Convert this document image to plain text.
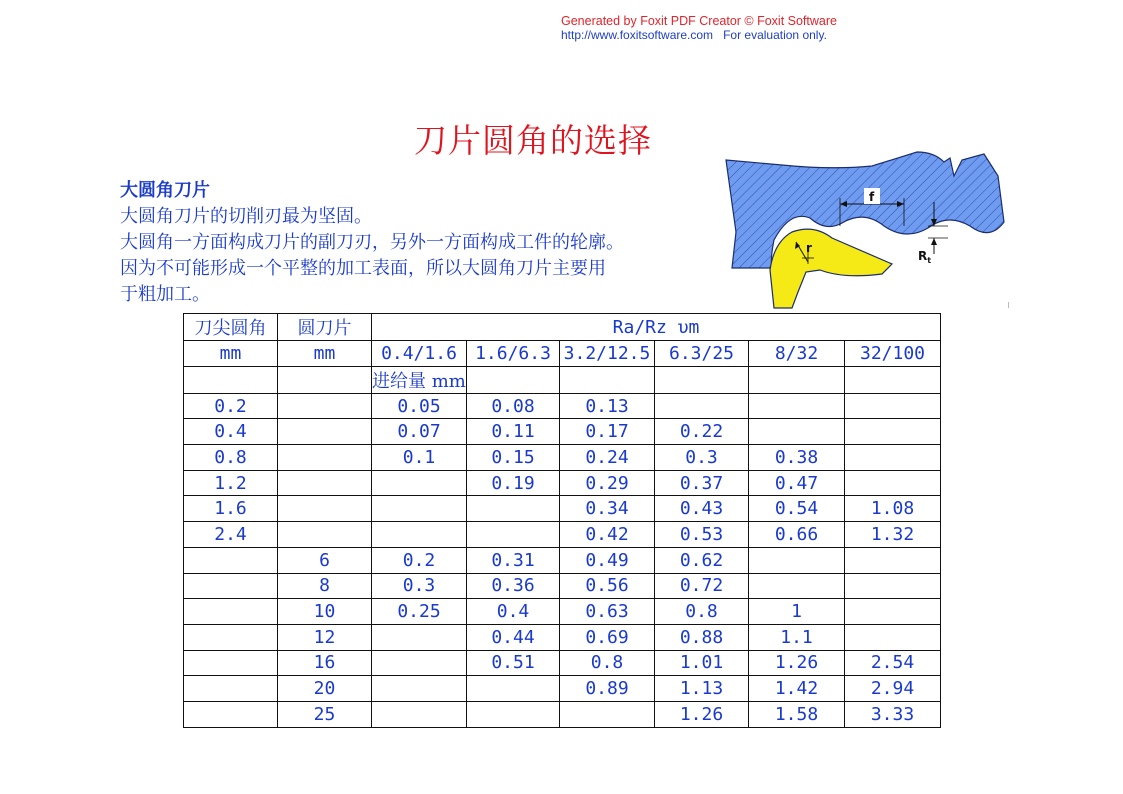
Generated by Foxit PDF Creator © Foxit Software
http://www.foxitsoftware.com For evaluation only.
刀片圆角的选择
大圆角刀片
大圆角刀片的切削刃最为坚固。
大圆角一方面构成刀片的副刀刃，另外一方面构成工件的轮廓。
因为不可能形成一个平整的加工表面，所以大圆角刀片主要用
于粗加工。
r
f
$R_t$
刀尖圆角	圆刀片	Ra/Rz υm					
mm	mm	0.4/1.6	1.6/6.3	3.2/12.5	6.3/25	8/32	32/100
		进给量 mm					
0.2		0.05	0.08	0.13			
0.4		0.07	0.11	0.17	0.22		
0.8		0.1	0.15	0.24	0.3	0.38	
1.2			0.19	0.29	0.37	0.47	
1.6				0.34	0.43	0.54	1.08
2.4				0.42	0.53	0.66	1.32
	6	0.2	0.31	0.49	0.62		
	8	0.3	0.36	0.56	0.72		
	10	0.25	0.4	0.63	0.8	1	
	12		0.44	0.69	0.88	1.1	
	16		0.51	0.8	1.01	1.26	2.54
	20			0.89	1.13	1.42	2.94
	25				1.26	1.58	3.33
